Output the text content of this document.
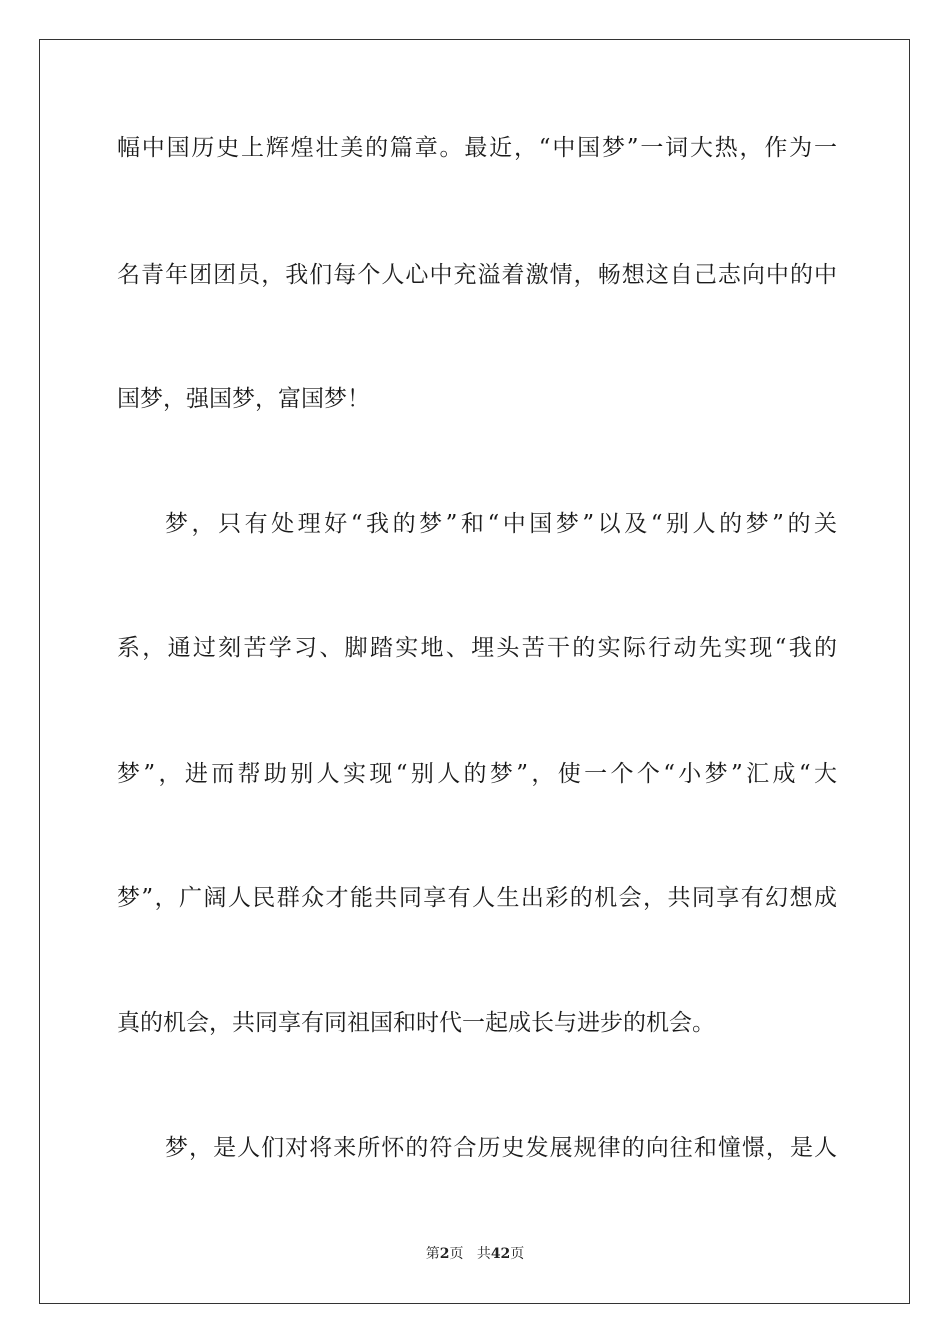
幅中国历史上辉煌壮美的篇章。最近，“中国梦”一词大热，作为一
名青年团团员，我们每个人心中充溢着激情，畅想这自己志向中的中
国梦，强国梦，富国梦！
梦，只有处理好“我的梦”和“中国梦”以及“别人的梦”的关
系，通过刻苦学习、脚踏实地、埋头苦干的实际行动先实现“我的
梦”，进而帮助别人实现“别人的梦”，使一个个“小梦”汇成“大
梦”，广阔人民群众才能共同享有人生出彩的机会，共同享有幻想成
真的机会，共同享有同祖国和时代一起成长与进步的机会。
梦，是人们对将来所怀的符合历史发展规律的向往和憧憬，是人
第2页 共42页
